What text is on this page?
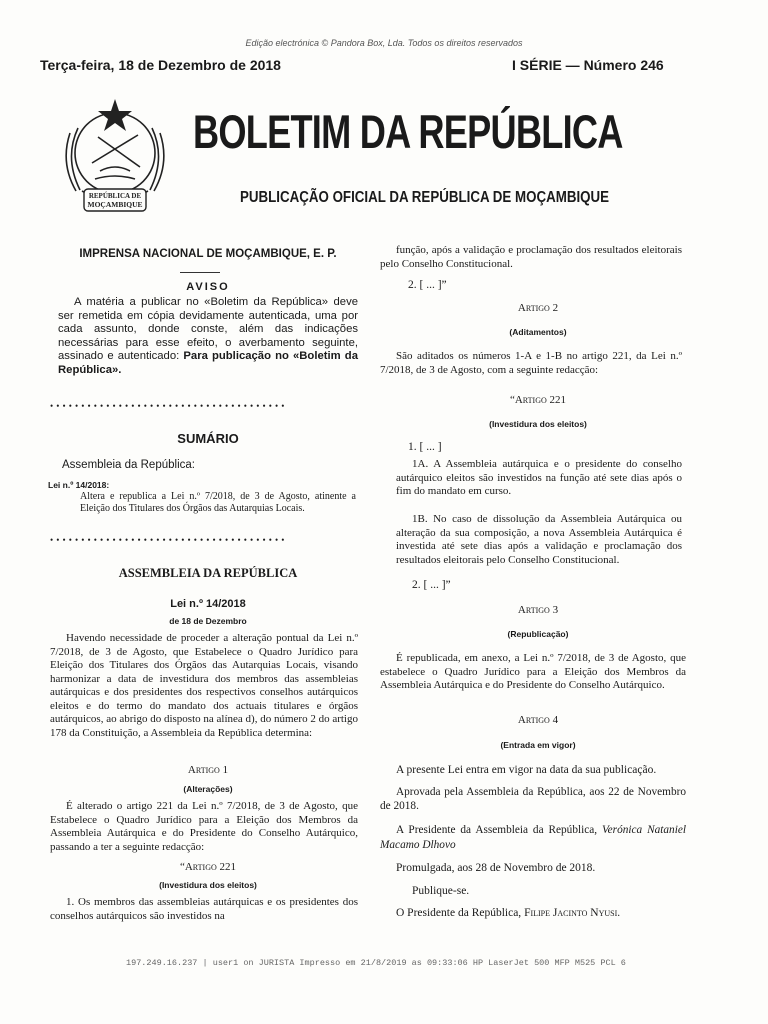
Edição electrónica © Pandora Box, Lda. Todos os direitos reservados
Terça-feira, 18 de Dezembro de 2018	I SÉRIE — Número 246
REPÚBLICA DE
MOÇAMBIQUE
BOLETIM DA REPÚBLICA
PUBLICAÇÃO OFICIAL DA REPÚBLICA DE MOÇAMBIQUE
IMPRENSA NACIONAL DE MOÇAMBIQUE, E. P.
AVISO
A matéria a publicar no «Boletim da República» deve ser remetida em cópia devidamente autenticada, uma por cada assunto, donde conste, além das indicações necessárias para esse efeito, o averbamento seguinte, assinado e autenticado: Para publicação no «Boletim da República».
••••••••••••••••••••••••••••••••••••••
SUMÁRIO
Assembleia da República:
Lei n.º 14/2018:
Altera e republica a Lei n.º 7/2018, de 3 de Agosto, atinente a Eleição dos Titulares dos Órgãos das Autarquias Locais.
••••••••••••••••••••••••••••••••••••••
ASSEMBLEIA DA REPÚBLICA
Lei n.º 14/2018
de 18 de Dezembro
Havendo necessidade de proceder a alteração pontual da Lei n.º 7/2018, de 3 de Agosto, que Estabelece o Quadro Jurídico para Eleição dos Titulares dos Órgãos das Autarquias Locais, visando harmonizar a data de investidura dos membros das assembleias autárquicas e dos presidentes dos respectivos conselhos autárquicos eleitos e do termo do mandato dos actuais titulares e órgãos autárquicos, ao abrigo do disposto na alínea d), do número 2 do artigo 178 da Constituição, a Assembleia da República determina:
Artigo 1
(Alterações)
É alterado o artigo 221 da Lei n.º 7/2018, de 3 de Agosto, que Estabelece o Quadro Jurídico para a Eleição dos Membros da Assembleia Autárquica e do Presidente do Conselho Autárquico, passando a ter a seguinte redacção:
“Artigo 221
(Investidura dos eleitos)
1. Os membros das assembleias autárquicas e os presidentes dos conselhos autárquicos são investidos na
função, após a validação e proclamação dos resultados eleitorais pelo Conselho Constitucional.
2. [ ... ]”
Artigo 2
(Aditamentos)
São aditados os números 1-A e 1-B no artigo 221, da Lei n.º 7/2018, de 3 de Agosto, com a seguinte redacção:
“Artigo 221
(Investidura dos eleitos)
1. [ ... ]
1A. A Assembleia autárquica e o presidente do conselho autárquico eleitos são investidos na função até sete dias após o fim do mandato em curso.
1B. No caso de dissolução da Assembleia Autárquica ou alteração da sua composição, a nova Assembleia Autárquica é investida até sete dias após a validação e proclamação dos resultados eleitorais pelo Conselho Constitucional.
2. [ ... ]”
Artigo 3
(Republicação)
É republicada, em anexo, a Lei n.º 7/2018, de 3 de Agosto, que estabelece o Quadro Jurídico para a Eleição dos Membros da Assembleia Autárquica e do Presidente do Conselho Autárquico.
Artigo 4
(Entrada em vigor)
A presente Lei entra em vigor na data da sua publicação.
Aprovada pela Assembleia da República, aos 22 de Novembro de 2018.
A Presidente da Assembleia da República, Verónica Nataniel Macamo Dlhovo
Promulgada, aos 28 de Novembro de 2018.
Publique-se.
O Presidente da República, Filipe Jacinto Nyusi.
197.249.16.237 | user1 on JURISTA Impresso em 21/8/2019 as 09:33:06 HP LaserJet 500 MFP M525 PCL 6
